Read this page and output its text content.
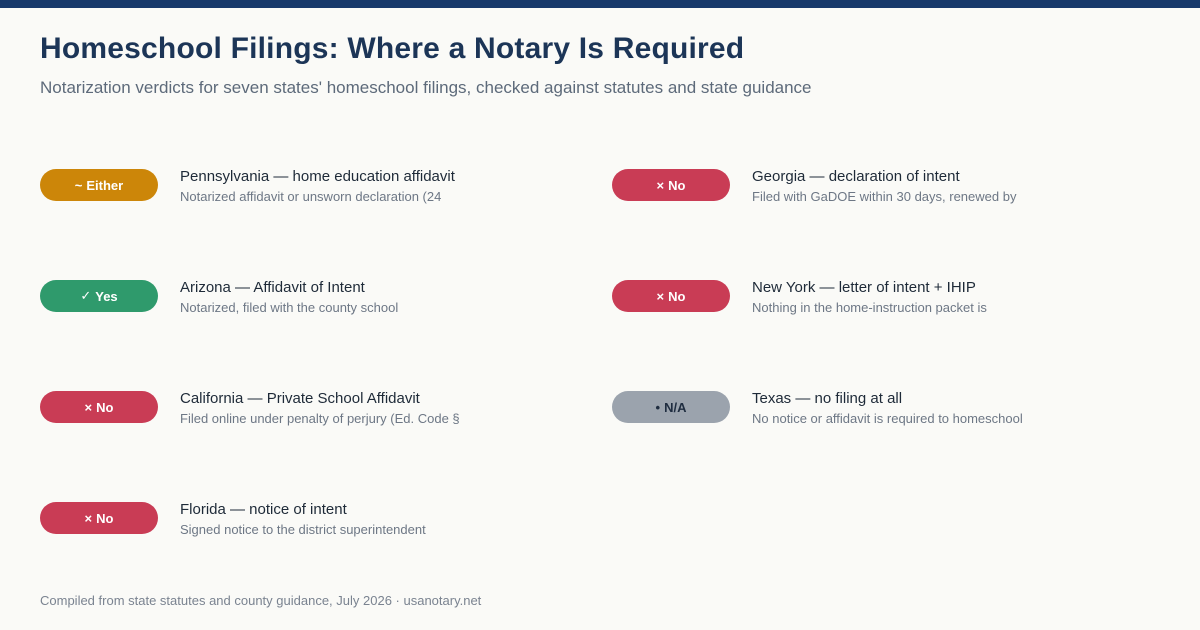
Homeschool Filings: Where a Notary Is Required

Notarization verdicts for seven states' homeschool filings, checked against statutes and state guidance

~ Either	Pennsylvania — home education affidavit
Notarized affidavit or unsworn declaration (24
✓ Yes	Arizona — Affidavit of Intent
Notarized, filed with the county school
× No	California — Private School Affidavit
Filed online under penalty of perjury (Ed. Code §
× No	Florida — notice of intent
Signed notice to the district superintendent
× No	Georgia — declaration of intent
Filed with GaDOE within 30 days, renewed by
× No	New York — letter of intent + IHIP
Nothing in the home-instruction packet is
• N/A	Texas — no filing at all
No notice or affidavit is required to homeschool
Compiled from state statutes and county guidance, July 2026 · usanotary.net
